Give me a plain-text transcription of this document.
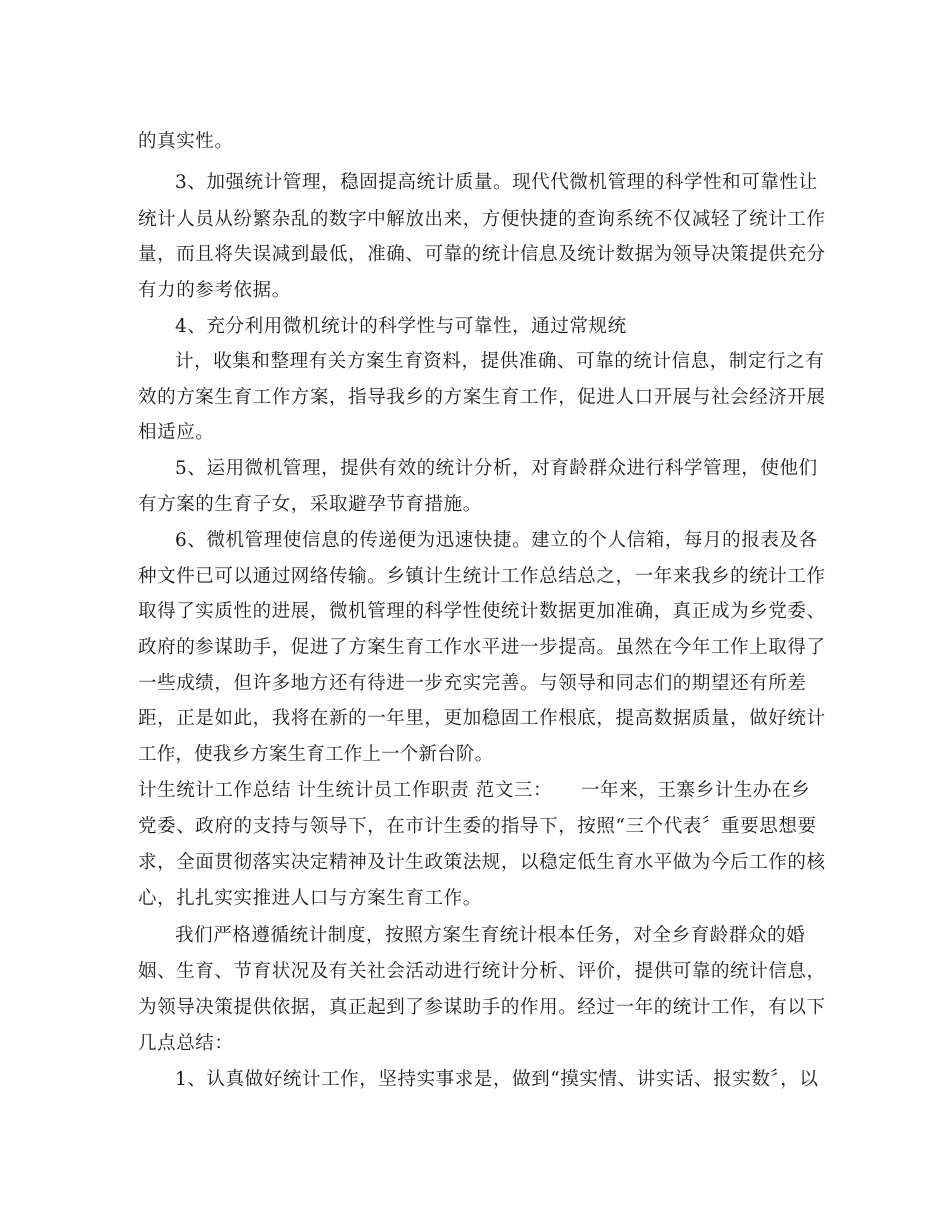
的真实性。
3、加强统计管理，稳固提高统计质量。现代代微机管理的科学性和可靠性让
统计人员从纷繁杂乱的数字中解放出来，方便快捷的查询系统不仅减轻了统计工作
量，而且将失误减到最低，准确、可靠的统计信息及统计数据为领导决策提供充分
有力的参考依据。
4、充分利用微机统计的科学性与可靠性，通过常规统
计，收集和整理有关方案生育资料，提供准确、可靠的统计信息，制定行之有
效的方案生育工作方案，指导我乡的方案生育工作，促进人口开展与社会经济开展
相适应。
5、运用微机管理，提供有效的统计分析，对育龄群众进行科学管理，使他们
有方案的生育子女，采取避孕节育措施。
6、微机管理使信息的传递便为迅速快捷。建立的个人信箱，每月的报表及各
种文件已可以通过网络传输。乡镇计生统计工作总结总之，一年来我乡的统计工作
取得了实质性的进展，微机管理的科学性使统计数据更加准确，真正成为乡党委、
政府的参谋助手，促进了方案生育工作水平进一步提高。虽然在今年工作上取得了
一些成绩，但许多地方还有待进一步充实完善。与领导和同志们的期望还有所差
距，正是如此，我将在新的一年里，更加稳固工作根底，提高数据质量，做好统计
工作，使我乡方案生育工作上一个新台阶。
计生统计工作总结 计生统计员工作职责 范文三：　　一年来，王寨乡计生办在乡
党委、政府的支持与领导下，在市计生委的指导下，按照“三个代表〞重要思想要
求，全面贯彻落实决定精神及计生政策法规，以稳定低生育水平做为今后工作的核
心，扎扎实实推进人口与方案生育工作。
我们严格遵循统计制度，按照方案生育统计根本任务，对全乡育龄群众的婚
姻、生育、节育状况及有关社会活动进行统计分析、评价，提供可靠的统计信息，
为领导决策提供依据，真正起到了参谋助手的作用。经过一年的统计工作，有以下
几点总结：
1、认真做好统计工作，坚持实事求是，做到“摸实情、讲实话、报实数〞，以
